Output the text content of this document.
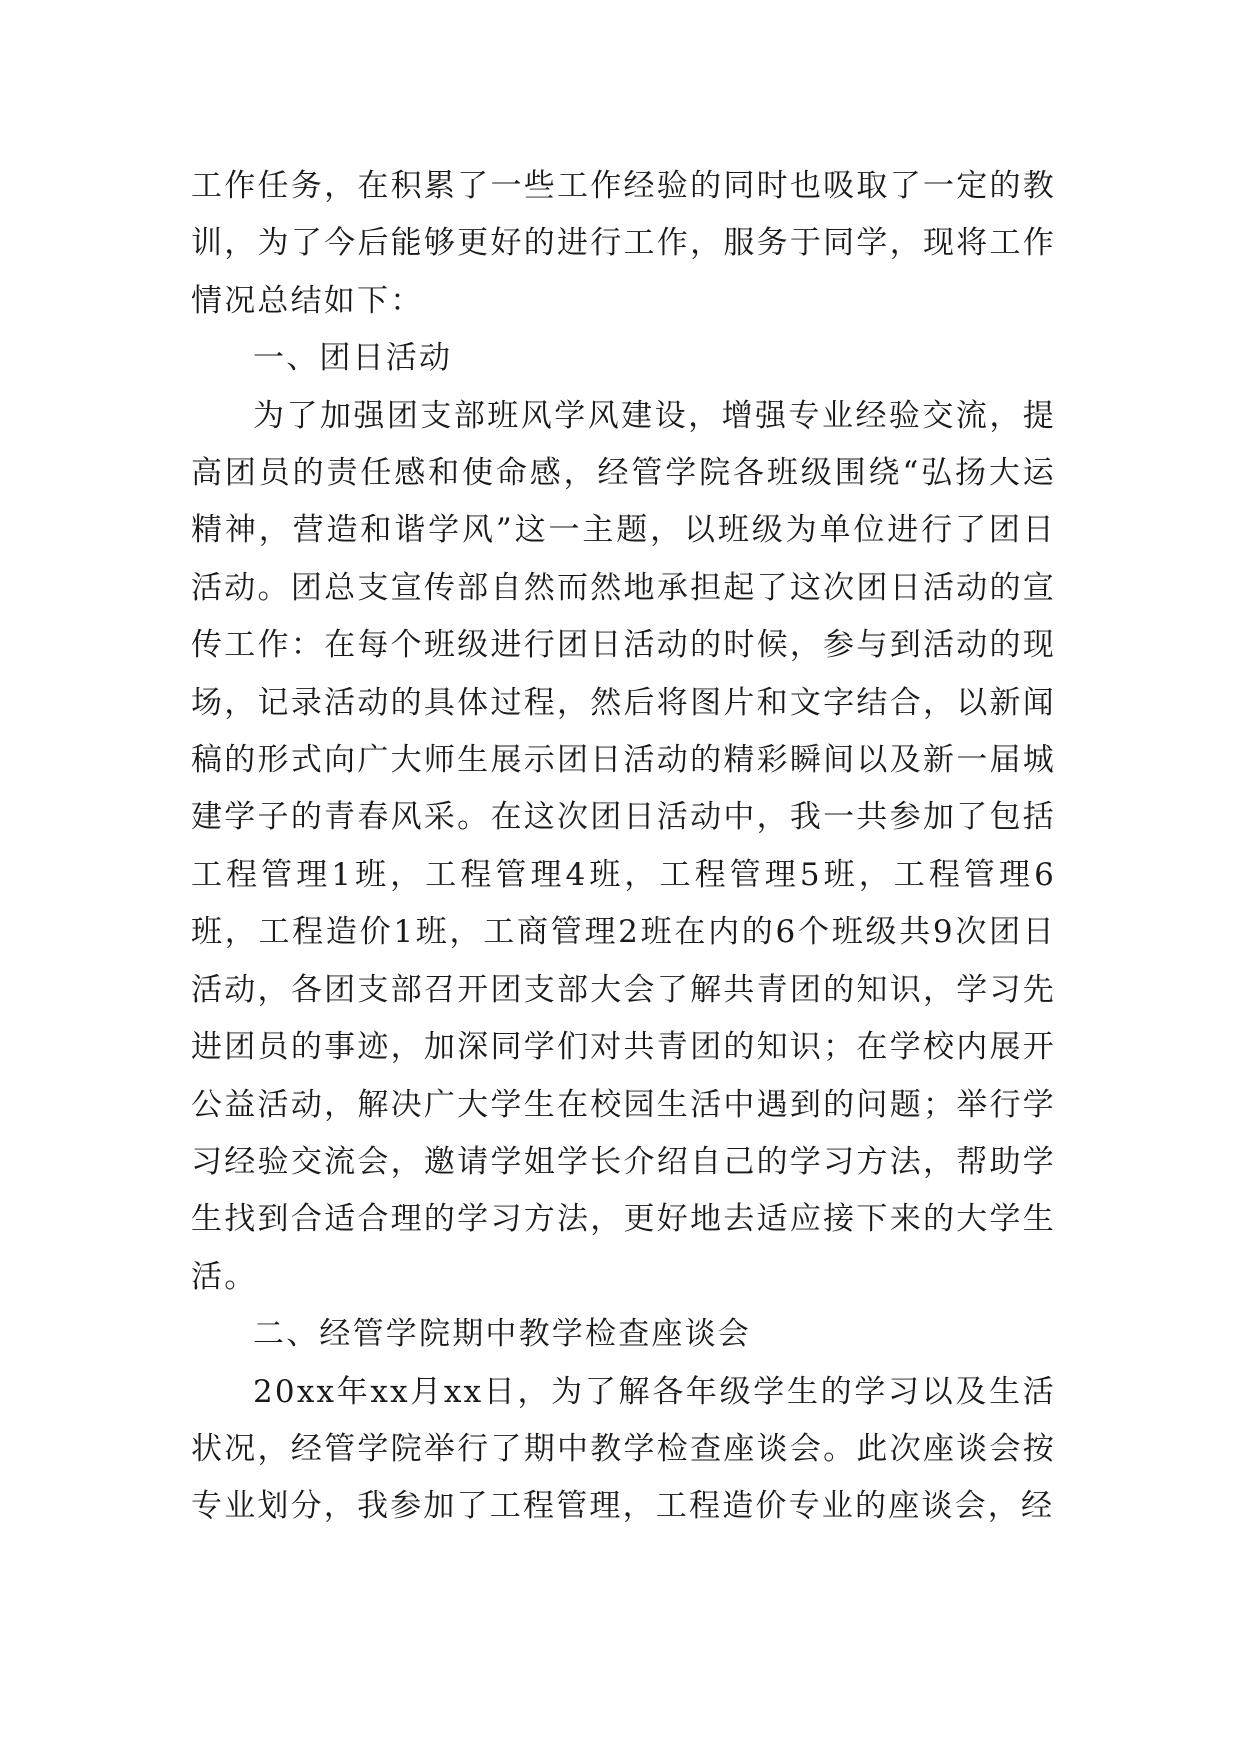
工作任务，在积累了一些工作经验的同时也吸取了一定的教训，为了今后能够更好的进行工作，服务于同学，现将工作情况总结如下：

一、团日活动

为了加强团支部班风学风建设，增强专业经验交流，提高团员的责任感和使命感，经管学院各班级围绕“弘扬大运精神，营造和谐学风”这一主题，以班级为单位进行了团日活动。团总支宣传部自然而然地承担起了这次团日活动的宣传工作：在每个班级进行团日活动的时候，参与到活动的现场，记录活动的具体过程，然后将图片和文字结合，以新闻稿的形式向广大师生展示团日活动的精彩瞬间以及新一届城建学子的青春风采。在这次团日活动中，我一共参加了包括工程管理1班，工程管理4班，工程管理5班，工程管理6班，工程造价1班，工商管理2班在内的6个班级共9次团日活动，各团支部召开团支部大会了解共青团的知识，学习先进团员的事迹，加深同学们对共青团的知识；在学校内展开公益活动，解决广大学生在校园生活中遇到的问题；举行学习经验交流会，邀请学姐学长介绍自己的学习方法，帮助学生找到合适合理的学习方法，更好地去适应接下来的大学生活。

二、经管学院期中教学检查座谈会

20xx年xx月xx日，为了解各年级学生的学习以及生活状况，经管学院举行了期中教学检查座谈会。此次座谈会按专业划分，我参加了工程管理，工程造价专业的座谈会，经
